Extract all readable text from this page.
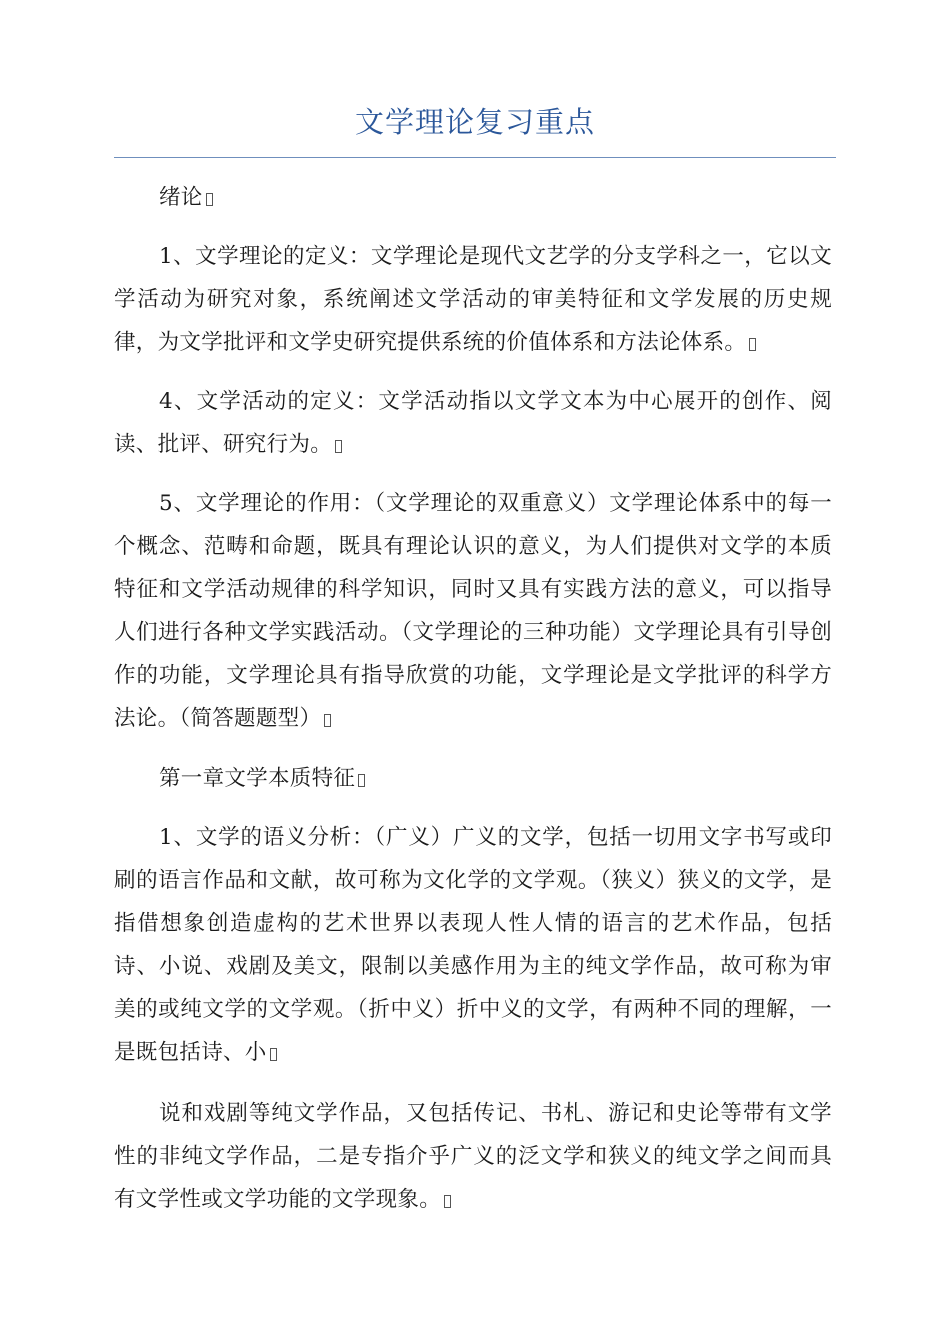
文学理论复习重点
绪论
1、文学理论的定义：文学理论是现代文艺学的分支学科之一，它以文学活动为研究对象，系统阐述文学活动的审美特征和文学发展的历史规律，为文学批评和文学史研究提供系统的价值体系和方法论体系。
4、文学活动的定义：文学活动指以文学文本为中心展开的创作、阅读、批评、研究行为。
5、文学理论的作用：（文学理论的双重意义）文学理论体系中的每一个概念、范畴和命题，既具有理论认识的意义，为人们提供对文学的本质特征和文学活动规律的科学知识，同时又具有实践方法的意义，可以指导人们进行各种文学实践活动。（文学理论的三种功能）文学理论具有引导创作的功能，文学理论具有指导欣赏的功能，文学理论是文学批评的科学方法论。（简答题题型）
第一章文学本质特征
1、文学的语义分析：（广义）广义的文学，包括一切用文字书写或印刷的语言作品和文献，故可称为文化学的文学观。（狭义）狭义的文学，是指借想象创造虚构的艺术世界以表现人性人情的语言的艺术作品，包括诗、小说、戏剧及美文，限制以美感作用为主的纯文学作品，故可称为审美的或纯文学的文学观。（折中义）折中义的文学，有两种不同的理解，一是既包括诗、小
说和戏剧等纯文学作品，又包括传记、书札、游记和史论等带有文学性的非纯文学作品，二是专指介乎广义的泛文学和狭义的纯文学之间而具有文学性或文学功能的文学现象。
